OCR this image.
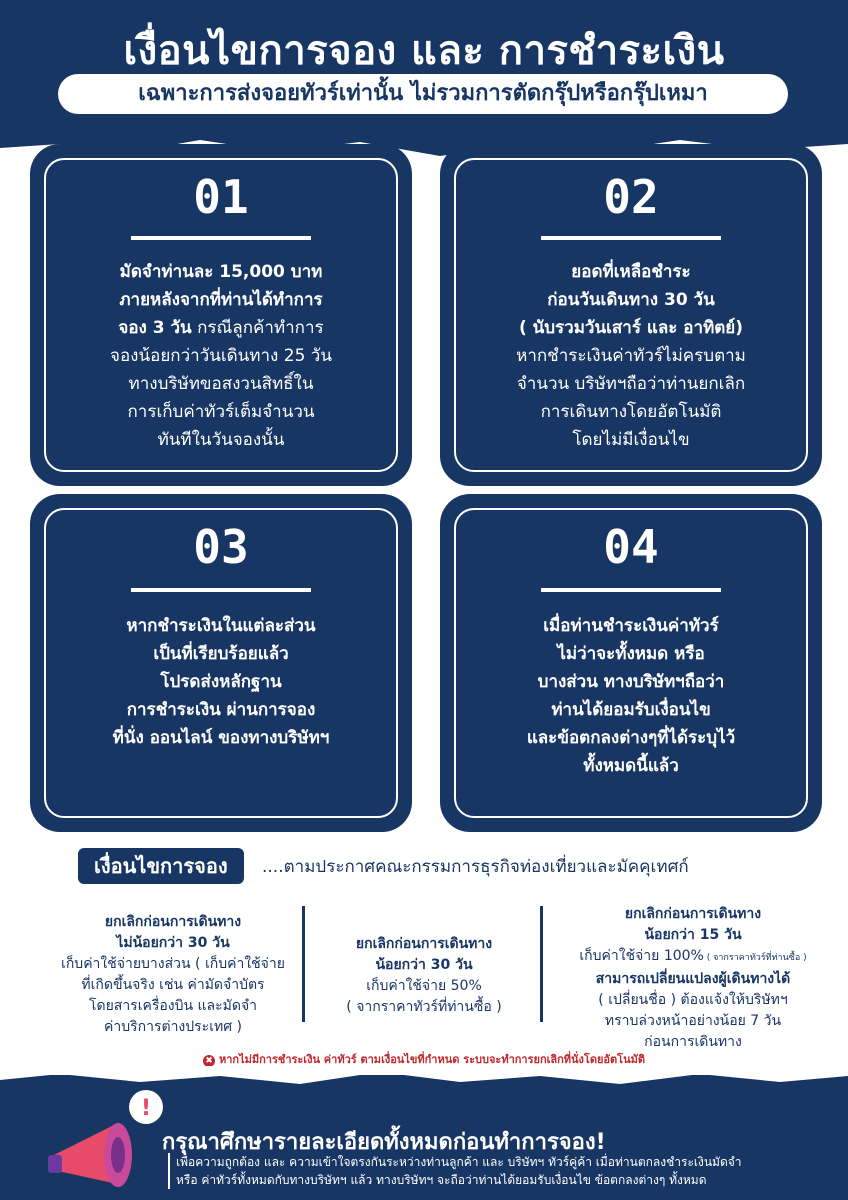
เงื่อนไขการจอง และ การชำระเงิน
เฉพาะการส่งจอยทัวร์เท่านั้น ไม่รวมการตัดกรุ๊ปหรือกรุ๊ปเหมา
01
มัดจำท่านละ 15,000 บาท
ภายหลังจากที่ท่านได้ทำการ
จอง 3 วัน กรณีลูกค้าทำการ
จองน้อยกว่าวันเดินทาง 25 วัน
ทางบริษัทขอสงวนสิทธิ์ใน
การเก็บค่าทัวร์เต็มจำนวน
ทันทีในวันจองนั้น
02
ยอดที่เหลือชำระ
ก่อนวันเดินทาง 30 วัน
( นับรวมวันเสาร์ และ อาทิตย์)
หากชำระเงินค่าทัวร์ไม่ครบตาม
จำนวน บริษัทฯถือว่าท่านยกเลิก
การเดินทางโดยอัตโนมัติ
โดยไม่มีเงื่อนไข
03
หากชำระเงินในแต่ละส่วน
เป็นที่เรียบร้อยแล้ว
โปรดส่งหลักฐาน
การชำระเงิน ผ่านการจอง
ที่นั่ง ออนไลน์ ของทางบริษัทฯ
04
เมื่อท่านชำระเงินค่าทัวร์
ไม่ว่าจะทั้งหมด หรือ
บางส่วน ทางบริษัทฯถือว่า
ท่านได้ยอมรับเงื่อนไข
และข้อตกลงต่างๆที่ได้ระบุไว้
ทั้งหมดนี้แล้ว
เงื่อนไขการจอง	....ตามประกาศคณะกรรมการธุรกิจท่องเที่ยวและมัคคุเทศก์
ยกเลิกก่อนการเดินทาง
ไม่น้อยกว่า 30 วัน
เก็บค่าใช้จ่ายบางส่วน ( เก็บค่าใช้จ่าย
ที่เกิดขึ้นจริง เช่น ค่ามัดจำบัตร
โดยสารเครื่องบิน และมัดจำ
ค่าบริการต่างประเทศ )
ยกเลิกก่อนการเดินทาง
น้อยกว่า 30 วัน
เก็บค่าใช้จ่าย 50%
( จากราคาทัวร์ที่ท่านซื้อ )
ยกเลิกก่อนการเดินทาง
น้อยกว่า 15 วัน
เก็บค่าใช้จ่าย 100% ( จากราคาทัวร์ที่ท่านซื้อ )
สามารถเปลี่ยนแปลงผู้เดินทางได้
( เปลี่ยนชื่อ ) ต้องแจ้งให้บริษัทฯ
ทราบล่วงหน้าอย่างน้อย 7 วัน
ก่อนการเดินทาง
✖ หากไม่มีการชำระเงิน ค่าทัวร์ ตามเงื่อนไขที่กำหนด ระบบจะทำการยกเลิกที่นั่งโดยอัตโนมัติ
!
กรุณาศึกษารายละเอียดทั้งหมดก่อนทำการจอง!
เพื่อความถูกต้อง และ ความเข้าใจตรงกันระหว่างท่านลูกค้า และ บริษัทฯ ทัวร์คู่ค้า เมื่อท่านตกลงชำระเงินมัดจำ
หรือ ค่าทัวร์ทั้งหมดกับทางบริษัทฯ แล้ว ทางบริษัทฯ จะถือว่าท่านได้ยอมรับเงื่อนไข ข้อตกลงต่างๆ ทั้งหมด
